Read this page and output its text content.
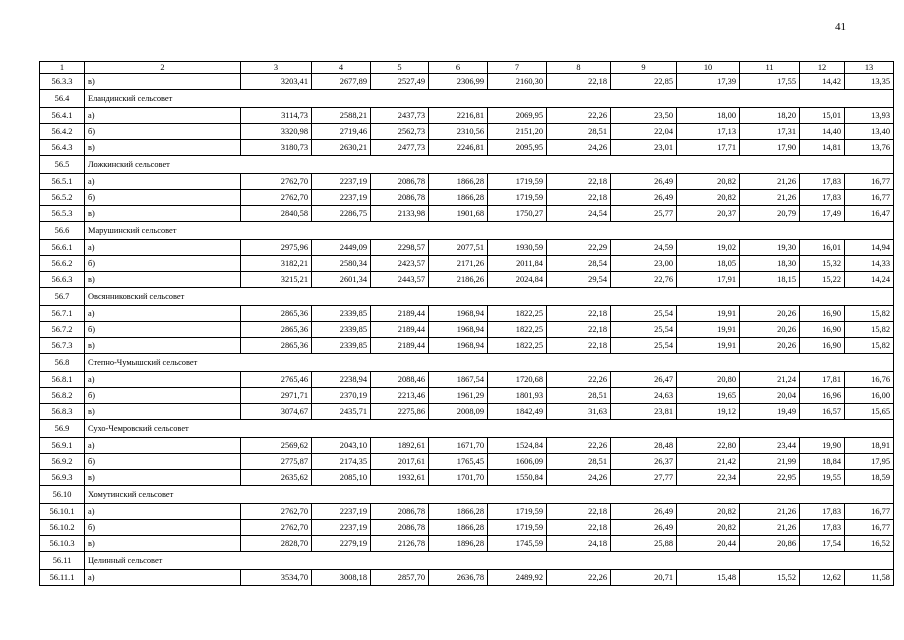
41
1	2	3	4	5	6	7	8	9	10	11	12	13
56.3.3	в)	3203,41	2677,89	2527,49	2306,99	2160,30	22,18	22,85	17,39	17,55	14,42	13,35
56.4	Еландинский сельсовет											
56.4.1	а)	3114,73	2588,21	2437,73	2216,81	2069,95	22,26	23,50	18,00	18,20	15,01	13,93
56.4.2	б)	3320,98	2719,46	2562,73	2310,56	2151,20	28,51	22,04	17,13	17,31	14,40	13,40
56.4.3	в)	3180,73	2630,21	2477,73	2246,81	2095,95	24,26	23,01	17,71	17,90	14,81	13,76
56.5	Ложкинский сельсовет											
56.5.1	а)	2762,70	2237,19	2086,78	1866,28	1719,59	22,18	26,49	20,82	21,26	17,83	16,77
56.5.2	б)	2762,70	2237,19	2086,78	1866,28	1719,59	22,18	26,49	20,82	21,26	17,83	16,77
56.5.3	в)	2840,58	2286,75	2133,98	1901,68	1750,27	24,54	25,77	20,37	20,79	17,49	16,47
56.6	Марушинский сельсовет											
56.6.1	а)	2975,96	2449,09	2298,57	2077,51	1930,59	22,29	24,59	19,02	19,30	16,01	14,94
56.6.2	б)	3182,21	2580,34	2423,57	2171,26	2011,84	28,54	23,00	18,05	18,30	15,32	14,33
56.6.3	в)	3215,21	2601,34	2443,57	2186,26	2024,84	29,54	22,76	17,91	18,15	15,22	14,24
56.7	Овсянниковский сельсовет											
56.7.1	а)	2865,36	2339,85	2189,44	1968,94	1822,25	22,18	25,54	19,91	20,26	16,90	15,82
56.7.2	б)	2865,36	2339,85	2189,44	1968,94	1822,25	22,18	25,54	19,91	20,26	16,90	15,82
56.7.3	в)	2865,36	2339,85	2189,44	1968,94	1822,25	22,18	25,54	19,91	20,26	16,90	15,82
56.8	Степно-Чумышский сельсовет											
56.8.1	а)	2765,46	2238,94	2088,46	1867,54	1720,68	22,26	26,47	20,80	21,24	17,81	16,76
56.8.2	б)	2971,71	2370,19	2213,46	1961,29	1801,93	28,51	24,63	19,65	20,04	16,96	16,00
56.8.3	в)	3074,67	2435,71	2275,86	2008,09	1842,49	31,63	23,81	19,12	19,49	16,57	15,65
56.9	Сухо-Чемровский сельсовет											
56.9.1	а)	2569,62	2043,10	1892,61	1671,70	1524,84	22,26	28,48	22,80	23,44	19,90	18,91
56.9.2	б)	2775,87	2174,35	2017,61	1765,45	1606,09	28,51	26,37	21,42	21,99	18,84	17,95
56.9.3	в)	2635,62	2085,10	1932,61	1701,70	1550,84	24,26	27,77	22,34	22,95	19,55	18,59
56.10	Хомутинский сельсовет											
56.10.1	а)	2762,70	2237,19	2086,78	1866,28	1719,59	22,18	26,49	20,82	21,26	17,83	16,77
56.10.2	б)	2762,70	2237,19	2086,78	1866,28	1719,59	22,18	26,49	20,82	21,26	17,83	16,77
56.10.3	в)	2828,70	2279,19	2126,78	1896,28	1745,59	24,18	25,88	20,44	20,86	17,54	16,52
56.11	Целинный сельсовет											
56.11.1	а)	3534,70	3008,18	2857,70	2636,78	2489,92	22,26	20,71	15,48	15,52	12,62	11,58
